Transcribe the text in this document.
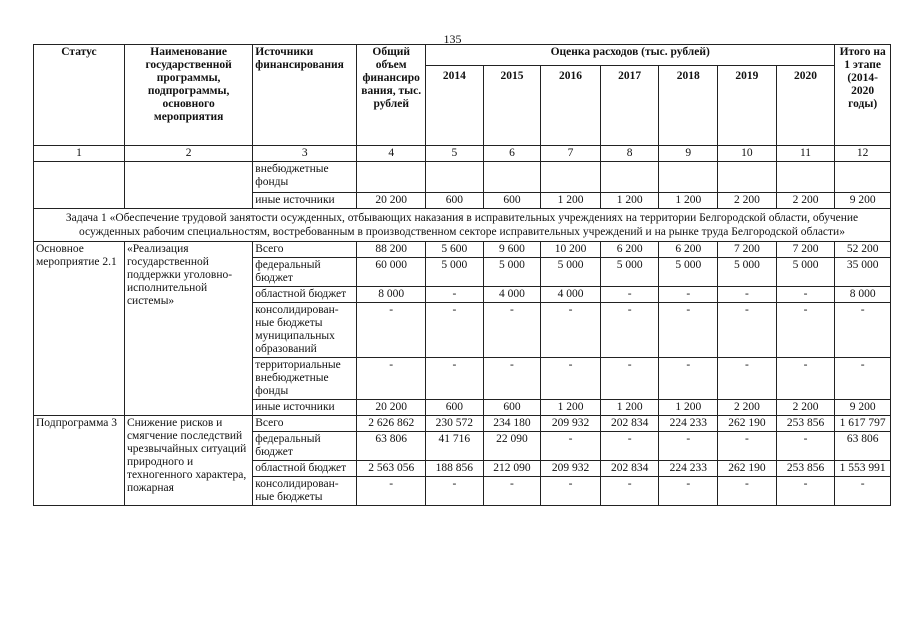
135
Статус	Наименование государственной программы, подпрограммы, основного мероприятия	Источники финансирования	Общий объем финансиро вания, тыс. рублей	Оценка расходов (тыс. рублей)							Итого на 1 этапе (2014-2020 годы)
				2014	2015	2016	2017	2018	2019	2020	
1	2	3	4	5	6	7	8	9	10	11	12
		внебюджетные фонды									
		иные источники	20 200	600	600	1 200	1 200	1 200	2 200	2 200	9 200
Задача 1 «Обеспечение трудовой занятости осужденных, отбывающих наказания в исправительных учреждениях на территории Белгородской области, обучение осужденных рабочим специальностям, востребованным в производственном секторе исправительных учреждений и на рынке труда Белгородской области»											
Основное мероприятие 2.1	«Реализация государственной поддержки уголовно-исполнительной системы»	Всего	88 200	5 600	9 600	10 200	6 200	6 200	7 200	7 200	52 200
		федеральный бюджет	60 000	5 000	5 000	5 000	5 000	5 000	5 000	5 000	35 000
		областной бюджет	8 000	-	4 000	4 000	-	-	-	-	8 000
		консолидирован-ные бюджеты муниципальных образований	-	-	-	-	-	-	-	-	-
		территориальные внебюджетные фонды	-	-	-	-	-	-	-	-	-
		иные источники	20 200	600	600	1 200	1 200	1 200	2 200	2 200	9 200
Подпрограмма 3	Снижение рисков и смягчение последствий чрезвычайных ситуаций природного и техногенного характера, пожарная	Всего	2 626 862	230 572	234 180	209 932	202 834	224 233	262 190	253 856	1 617 797
		федеральный бюджет	63 806	41 716	22 090	-	-	-	-	-	63 806
		областной бюджет	2 563 056	188 856	212 090	209 932	202 834	224 233	262 190	253 856	1 553 991
		консолидирован-ные бюджеты	-	-	-	-	-	-	-	-	-
